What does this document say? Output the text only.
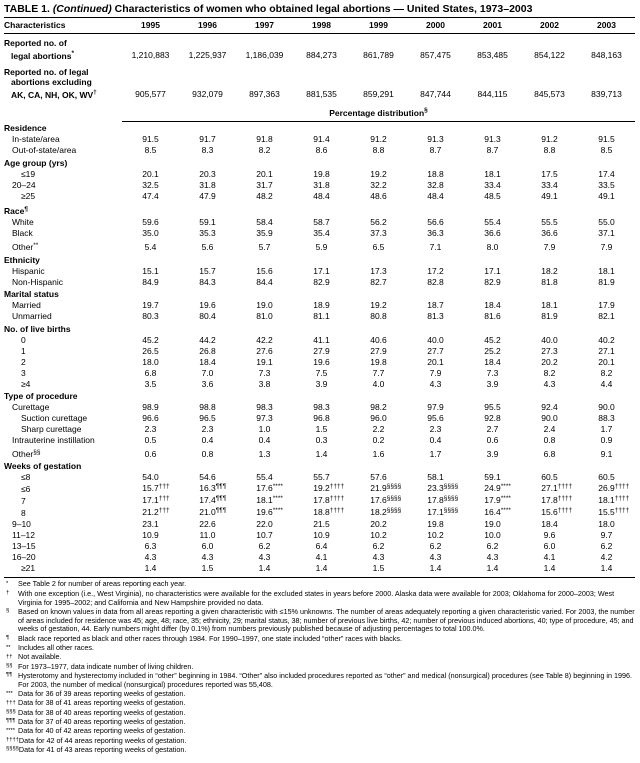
TABLE 1. (Continued) Characteristics of women who obtained legal abortions — United States, 1973–2003
Characteristics	1995	1996	1997	1998	1999	2000	2001	2002	2003

Reported no. of
legal abortions*	1,210,883	1,225,937	1,186,039	884,273	861,789	857,475	853,485	854,122	848,163

Reported no. of legal
abortions excluding
AK, CA, NH, OK, WV†	905,577	932,079	897,363	881,535	859,291	847,744	844,115	845,573	839,713
	Percentage distribution§
Residence									
In-state/area	91.5	91.7	91.8	91.4	91.2	91.3	91.3	91.2	91.5
Out-of-state/area	8.5	8.3	8.2	8.6	8.8	8.7	8.7	8.8	8.5
Age group (yrs)									
≤19	20.1	20.3	20.1	19.8	19.2	18.8	18.1	17.5	17.4
20–24	32.5	31.8	31.7	31.8	32.2	32.8	33.4	33.4	33.5
≥25	47.4	47.9	48.2	48.4	48.6	48.4	48.5	49.1	49.1
Race¶
White	59.6	59.1	58.4	58.7	56.2	56.6	55.4	55.5	55.0
Black	35.0	35.3	35.9	35.4	37.3	36.3	36.6	36.6	37.1
Other**	5.4	5.6	5.7	5.9	6.5	7.1	8.0	7.9	7.9
Ethnicity									
Hispanic	15.1	15.7	15.6	17.1	17.3	17.2	17.1	18.2	18.1
Non-Hispanic	84.9	84.3	84.4	82.9	82.7	82.8	82.9	81.8	81.9
Marital status									
Married	19.7	19.6	19.0	18.9	19.2	18.7	18.4	18.1	17.9
Unmarried	80.3	80.4	81.0	81.1	80.8	81.3	81.6	81.9	82.1
No. of live births									
0	45.2	44.2	42.2	41.1	40.6	40.0	45.2	40.0	40.2
1	26.5	26.8	27.6	27.9	27.9	27.7	25.2	27.3	27.1
2	18.0	18.4	19.1	19.6	19.8	20.1	18.4	20.2	20.1
3	6.8	7.0	7.3	7.5	7.7	7.9	7.3	8.2	8.2
≥4	3.5	3.6	3.8	3.9	4.0	4.3	3.9	4.3	4.4
Type of procedure									
Curettage	98.9	98.8	98.3	98.3	98.2	97.9	95.5	92.4	90.0
Suction curettage	96.6	96.5	97.3	96.8	96.0	95.6	92.8	90.0	88.3
Sharp curettage	2.3	2.3	1.0	1.5	2.2	2.3	2.7	2.4	1.7
Intrauterine instillation	0.5	0.4	0.4	0.3	0.2	0.4	0.6	0.8	0.9
Other§§	0.6	0.8	1.3	1.4	1.6	1.7	3.9	6.8	9.1
Weeks of gestation									
≤8	54.0	54.6	55.4	55.7	57.6	58.1	59.1	60.5	60.5
≤6	15.7†††	16.3¶¶¶	17.6****	19.2††††	21.9§§§§	23.3§§§§	24.9****	27.1††††	26.9††††
7	17.1†††	17.4¶¶¶	18.1****	17.8††††	17.6§§§§	17.8§§§§	17.9****	17.8††††	18.1††††
8	21.2†††	21.0¶¶¶	19.6****	18.8††††	18.2§§§§	17.1§§§§	16.4****	15.6††††	15.5††††
9–10	23.1	22.6	22.0	21.5	20.2	19.8	19.0	18.4	18.0
11–12	10.9	11.0	10.7	10.9	10.2	10.2	10.0	9.6	9.7
13–15	6.3	6.0	6.2	6.4	6.2	6.2	6.2	6.0	6.2
16–20	4.3	4.3	4.3	4.1	4.3	4.3	4.3	4.1	4.2
≥21	1.4	1.5	1.4	1.4	1.5	1.4	1.4	1.4	1.4
*	See Table 2 for number of areas reporting each year.
†	With one exception (i.e., West Virginia), no characteristics were available for the excluded states in years before 2000. Alaska data were available for 2003; Oklahoma for 2000–2003; West Virginia for 1995–2002; and California and New Hampshire provided no data.
§	Based on known values in data from all areas reporting a given characteristic with ≤15% unknowns. The number of areas adequately reporting a given characteristic varied. For 2003, the number of areas included for residence was 45; age, 48; race, 35; ethnicity, 29; marital status, 38; number of previous live births, 42; number of previous induced abortions, 40; type of procedure, 45; and weeks of gestation, 44. Early numbers might differ (by 0.1%) from numbers previously published because of adjusting percentages to total 100.0%.
¶	Black race reported as black and other races through 1984. For 1990–1997, one state included “other” races with blacks.
**	Includes all other races.
†† Not available.
§§ For 1973–1977, data indicate number of living children.
¶¶ Hysterotomy and hysterectomy included in “other” beginning in 1984. “Other” also included procedures reported as “other” and medical (nonsurgical) procedures (see Table 8) beginning in 1996. For 2003, the number of medical (nonsurgical) procedures reported was 55,408.
*** Data for 36 of 39 areas reporting weeks of gestation.
††† Data for 38 of 41 areas reporting weeks of gestation.
§§§ Data for 38 of 40 areas reporting weeks of gestation.
¶¶¶ Data for 37 of 40 areas reporting weeks of gestation.
**** Data for 40 of 42 areas reporting weeks of gestation.
†††† Data for 42 of 44 areas reporting weeks of gestation.
§§§§ Data for 41 of 43 areas reporting weeks of gestation.
